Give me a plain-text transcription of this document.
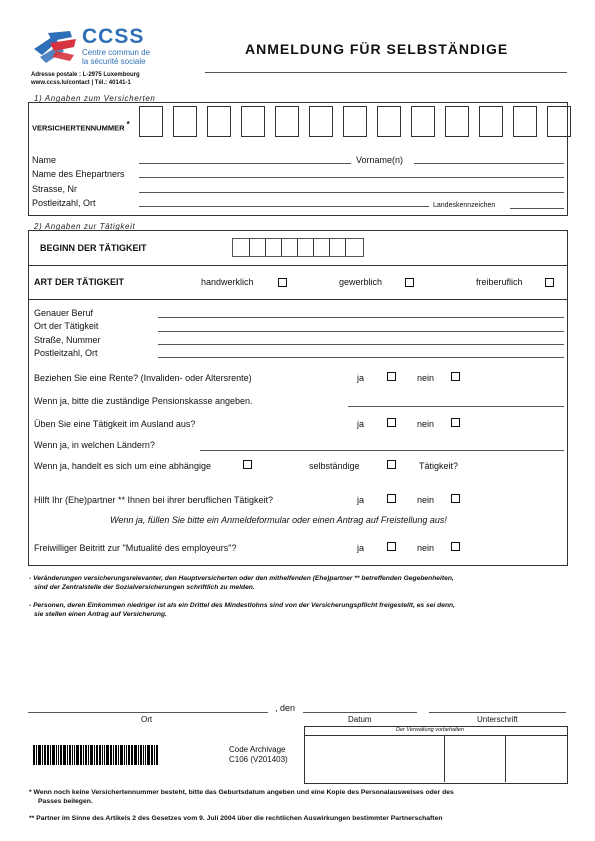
CCSS
Centre commun de
la sécurité sociale
Adresse postale : L-2975 Luxembourg
www.ccss.lu/contact | Tél.: 40141-1
ANMELDUNG FÜR SELBSTÄNDIGE
1) Angaben zum Versicherten
VERSICHERTENNUMMER *
Name	Vorname(n)
Name des Ehepartners
Strasse, Nr
Postleitzahl, Ort	Landeskennzeichen
2) Angaben zur Tätigkeit
BEGINN DER TÄTIGKEIT
ART DER TÄTIGKEIT	handwerklich	gewerblich	freiberuflich
Genauer Beruf
Ort der Tätigkeit
Straße, Nummer
Postleitzahl, Ort
Beziehen Sie eine Rente? (Invaliden- oder Altersrente)	ja	nein
Wenn ja, bitte die zuständige Pensionskasse angeben.
Üben Sie eine Tätigkeit im Ausland aus?	ja	nein
Wenn ja, in welchen Ländern?
Wenn ja, handelt es sich um eine abhängige	selbständige	Tätigkeit?
Hilft Ihr (Ehe)partner ** Ihnen bei ihrer beruflichen Tätigkeit?	ja	nein
Wenn ja, füllen Sie bitte ein Anmeldeformular oder einen Antrag auf Freistellung aus!
Freiwilliger Beitritt zur "Mutualité des employeurs"?	ja	nein
- Veränderungen versicherungsrelevanter, den Hauptversicherten oder den mithelfenden (Ehe)partner ** betreffenden Gegebenheiten,
sind der Zentralstelle der Sozialversicherungen schriftlich zu melden.
- Personen, deren Einkommen niedriger ist als ein Drittel des Mindestlohns sind von der Versicherungspflicht freigestellt, es sei denn,
sie stellen einen Antrag auf Versicherung.
, den
Ort	Datum	Unterschrift
Der Verwaltung vorbehalten
Code Archivage
C106 (V201403)
* Wenn noch keine Versichertennummer besteht, bitte das Geburtsdatum angeben und eine Kopie des Personalausweises oder des
Passes beilegen.
** Partner im Sinne des Artikels 2 des Gesetzes vom 9. Juli 2004 über die rechtlichen Auswirkungen bestimmter Partnerschaften
